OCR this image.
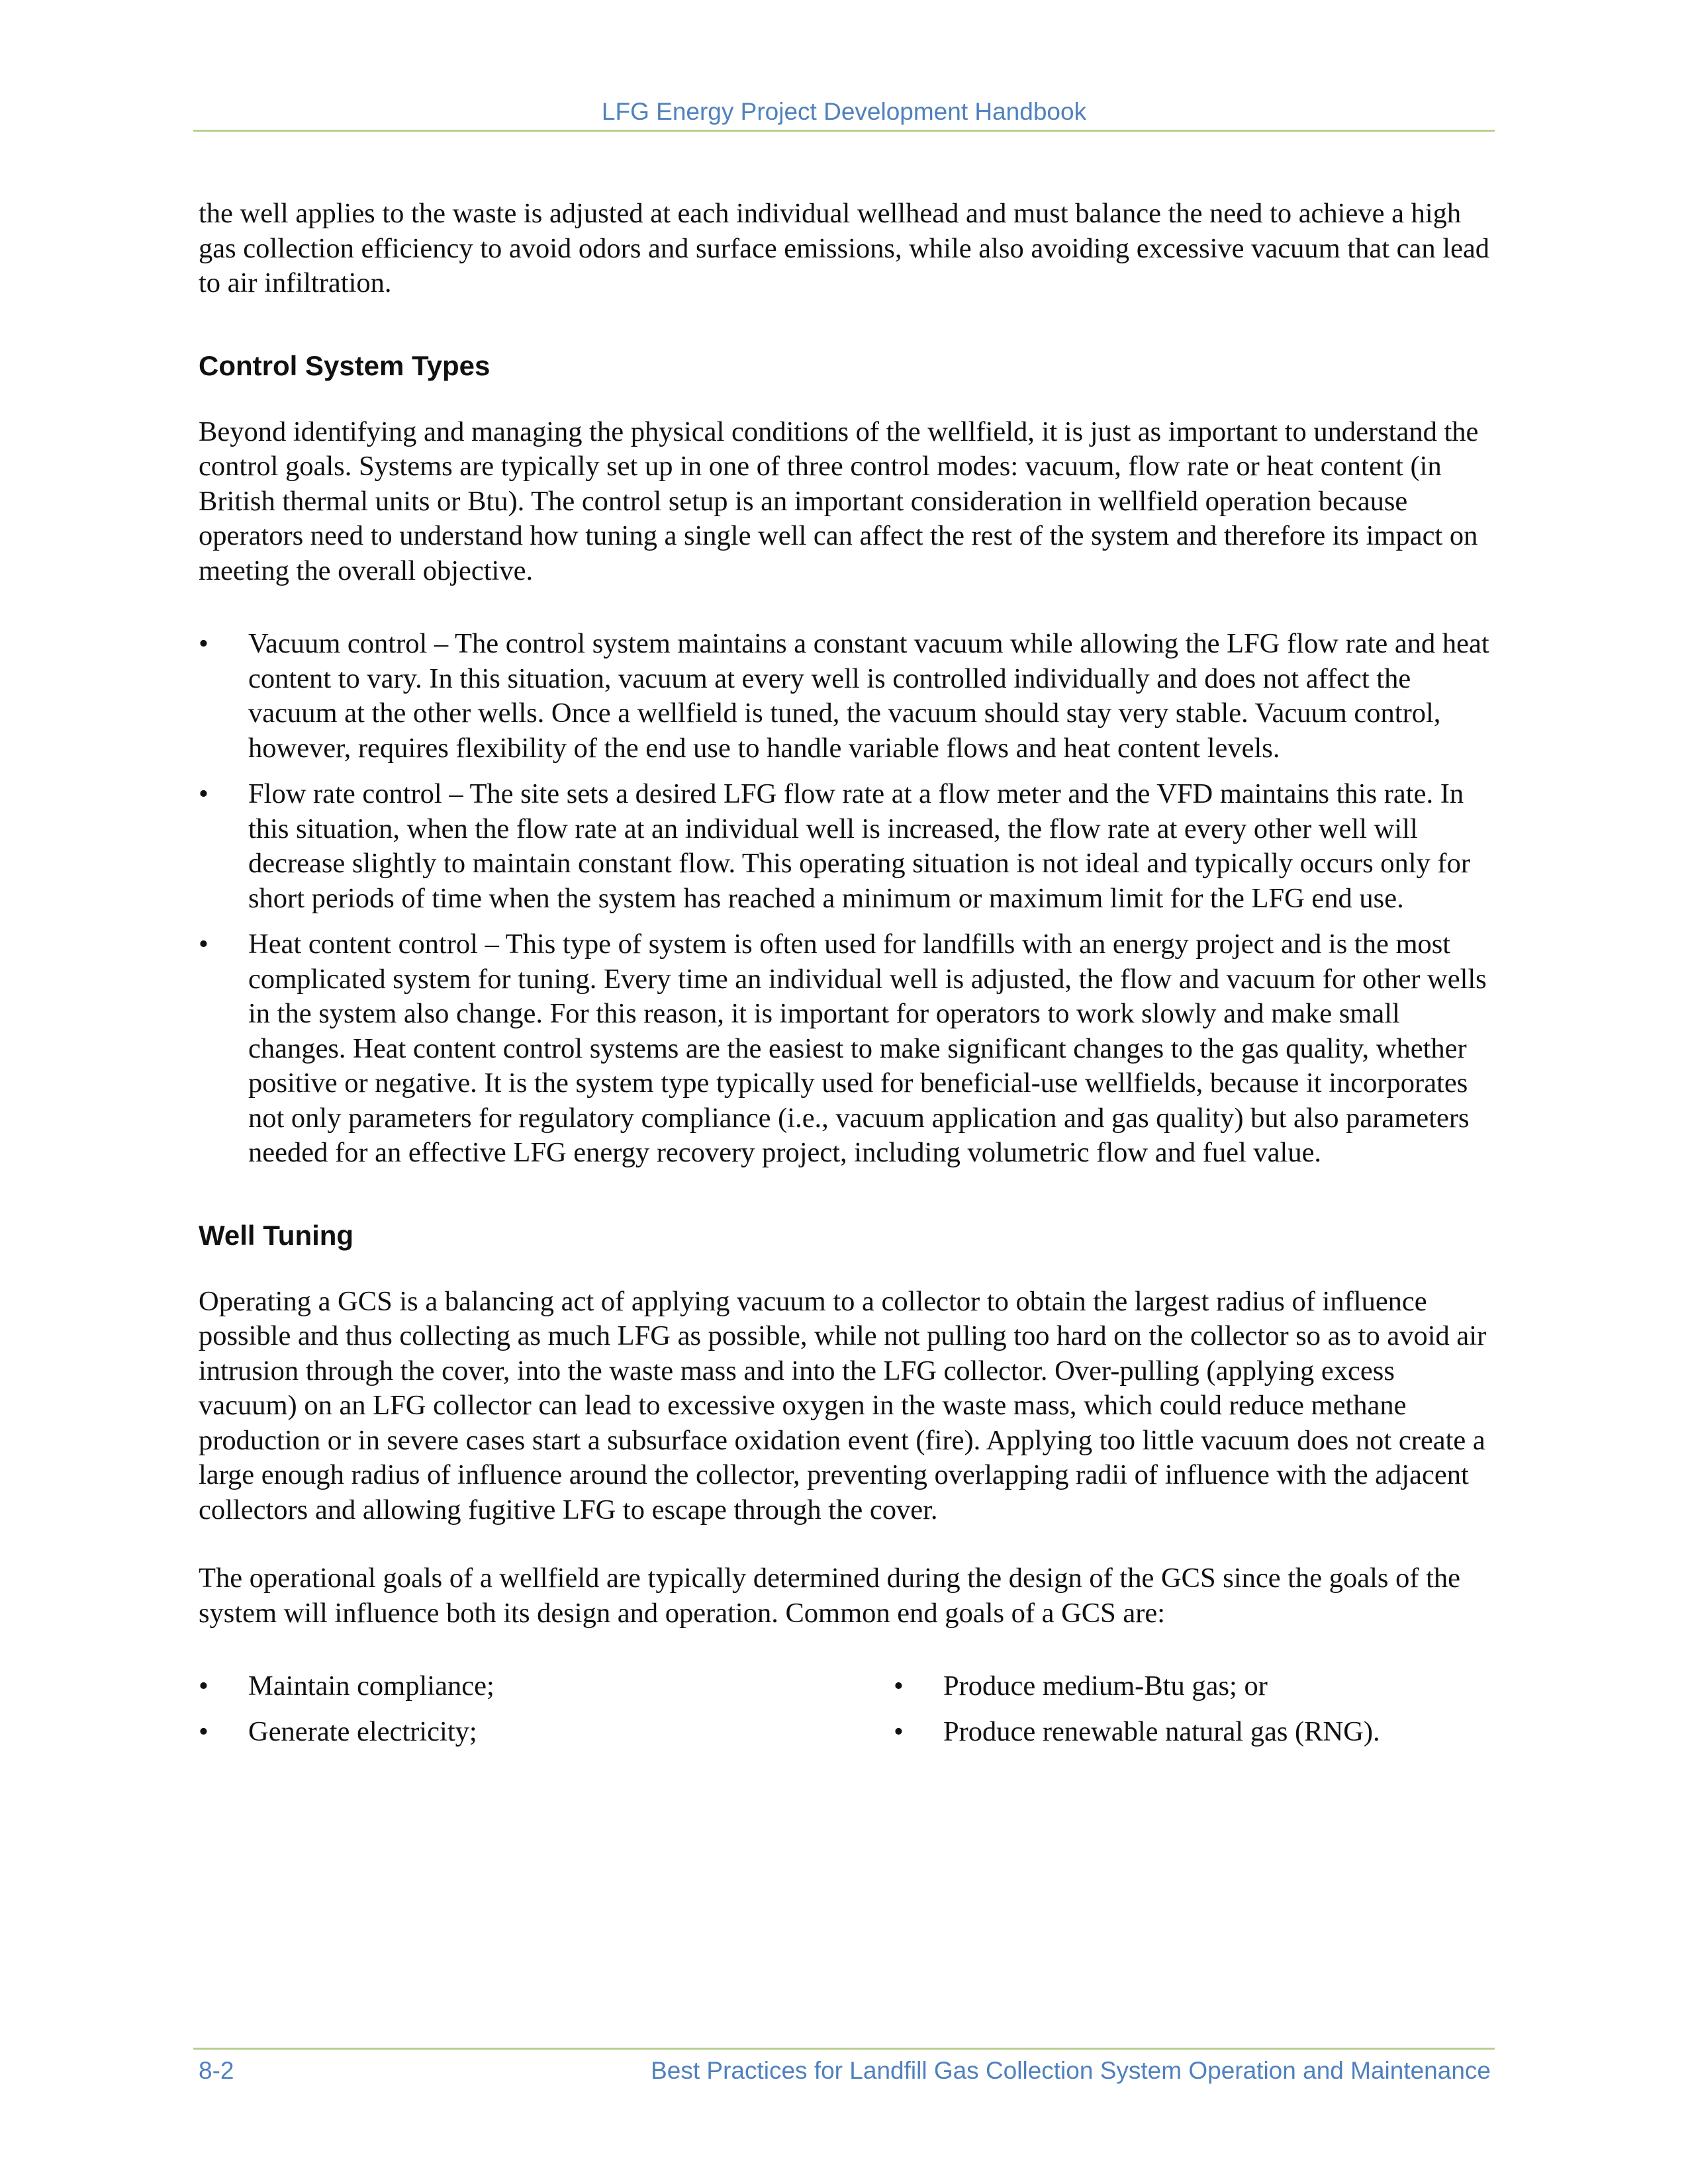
LFG Energy Project Development Handbook

the well applies to the waste is adjusted at each individual wellhead and must balance the need to achieve a high gas collection efficiency to avoid odors and surface emissions, while also avoiding excessive vacuum that can lead to air infiltration.

Control System Types

Beyond identifying and managing the physical conditions of the wellfield, it is just as important to understand the control goals. Systems are typically set up in one of three control modes: vacuum, flow rate or heat content (in British thermal units or Btu). The control setup is an important consideration in wellfield operation because operators need to understand how tuning a single well can affect the rest of the system and therefore its impact on meeting the overall objective.

• Vacuum control – The control system maintains a constant vacuum while allowing the LFG flow rate and heat content to vary. In this situation, vacuum at every well is controlled individually and does not affect the vacuum at the other wells. Once a wellfield is tuned, the vacuum should stay very stable. Vacuum control, however, requires flexibility of the end use to handle variable flows and heat content levels.
• Flow rate control – The site sets a desired LFG flow rate at a flow meter and the VFD maintains this rate. In this situation, when the flow rate at an individual well is increased, the flow rate at every other well will decrease slightly to maintain constant flow. This operating situation is not ideal and typically occurs only for short periods of time when the system has reached a minimum or maximum limit for the LFG end use.
• Heat content control – This type of system is often used for landfills with an energy project and is the most complicated system for tuning. Every time an individual well is adjusted, the flow and vacuum for other wells in the system also change. For this reason, it is important for operators to work slowly and make small changes. Heat content control systems are the easiest to make significant changes to the gas quality, whether positive or negative. It is the system type typically used for beneficial-use wellfields, because it incorporates not only parameters for regulatory compliance (i.e., vacuum application and gas quality) but also parameters needed for an effective LFG energy recovery project, including volumetric flow and fuel value.
Well Tuning

Operating a GCS is a balancing act of applying vacuum to a collector to obtain the largest radius of influence possible and thus collecting as much LFG as possible, while not pulling too hard on the collector so as to avoid air intrusion through the cover, into the waste mass and into the LFG collector. Over-pulling (applying excess vacuum) on an LFG collector can lead to excessive oxygen in the waste mass, which could reduce methane production or in severe cases start a subsurface oxidation event (fire). Applying too little vacuum does not create a large enough radius of influence around the collector, preventing overlapping radii of influence with the adjacent collectors and allowing fugitive LFG to escape through the cover.

The operational goals of a wellfield are typically determined during the design of the GCS since the goals of the system will influence both its design and operation. Common end goals of a GCS are:

• Maintain compliance;
• Generate electricity;
• Produce medium-Btu gas; or
• Produce renewable natural gas (RNG).
8-2	Best Practices for Landfill Gas Collection System Operation and Maintenance
